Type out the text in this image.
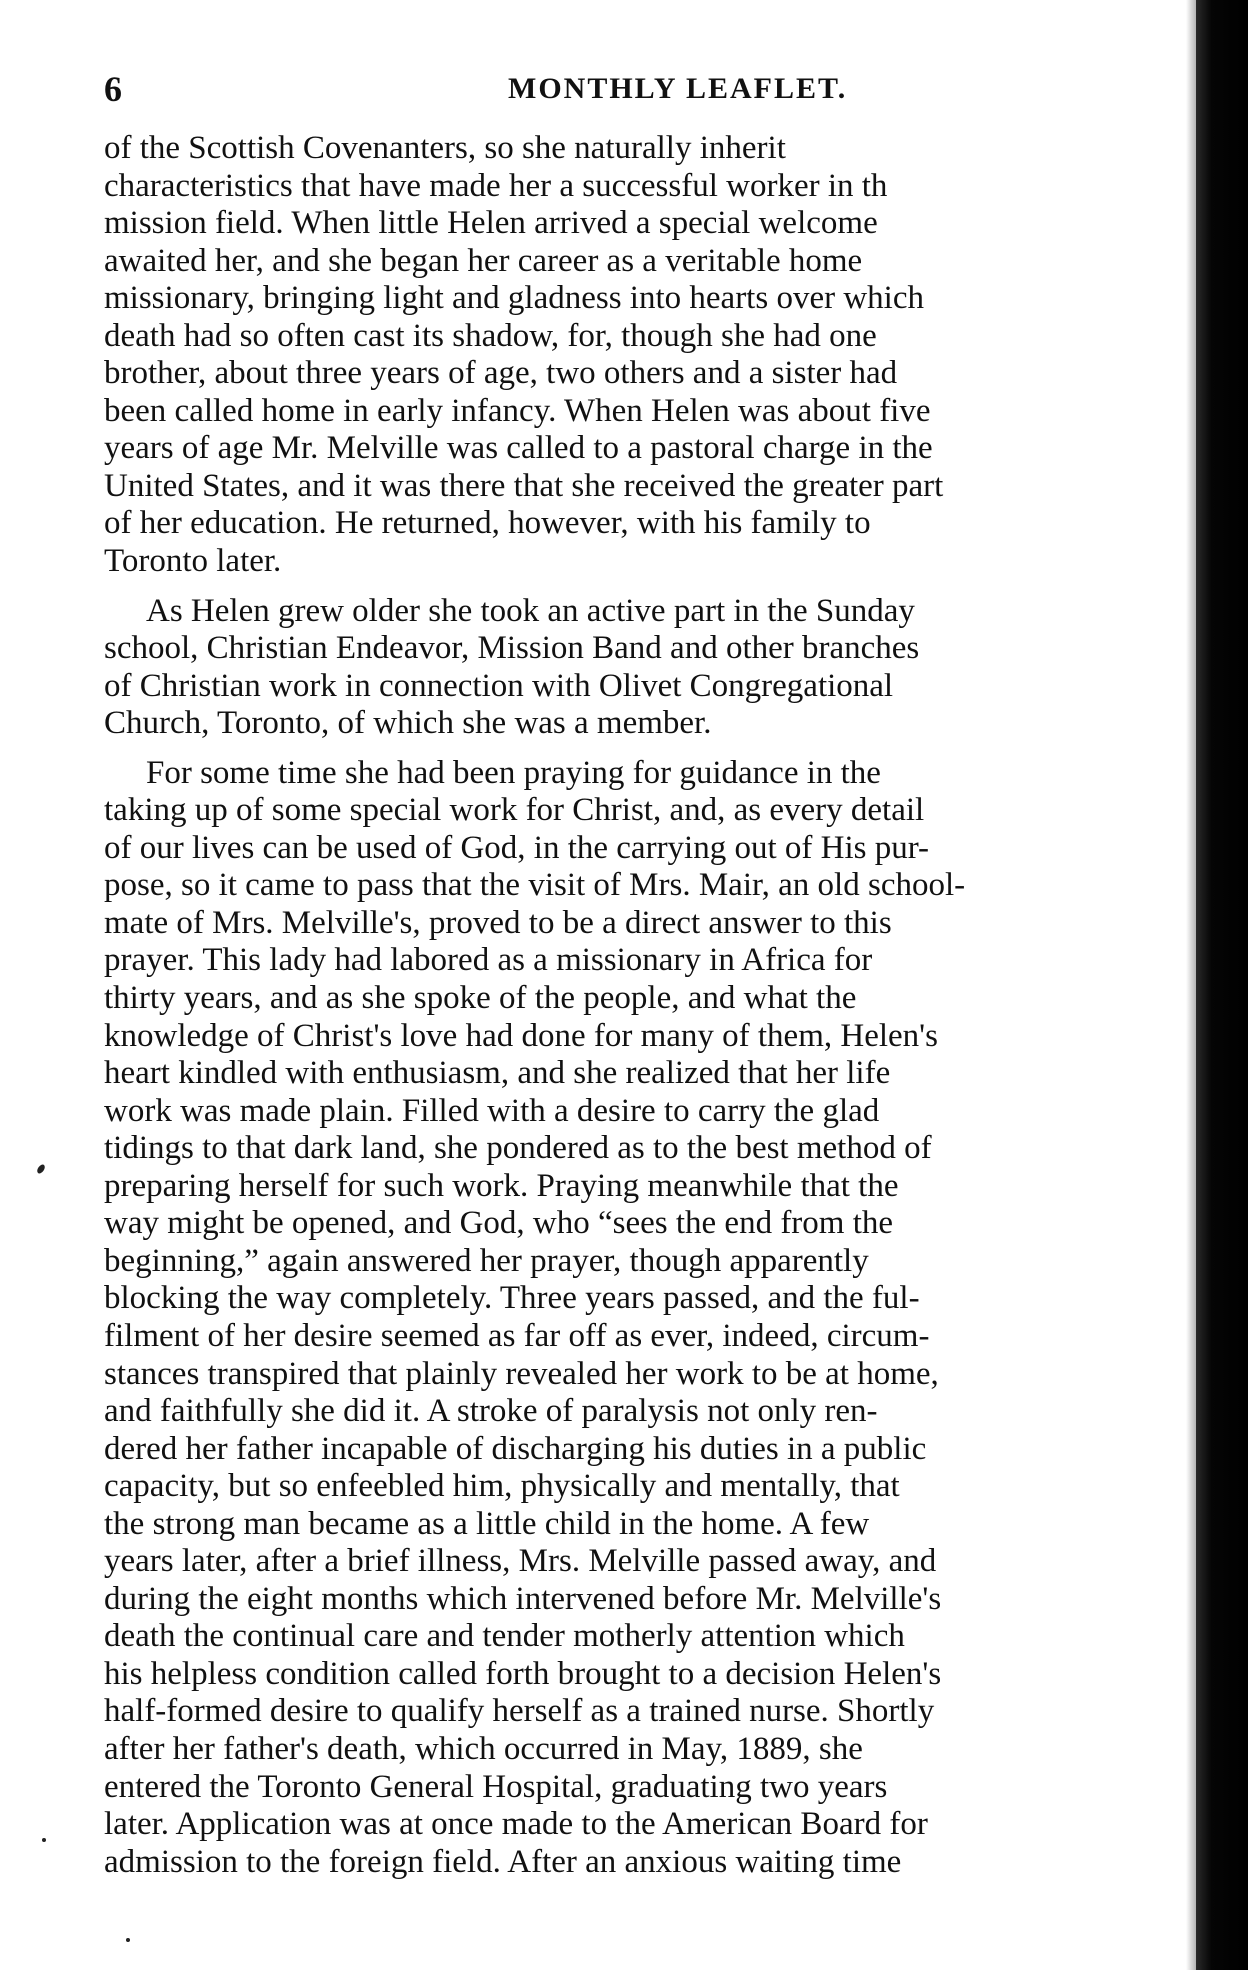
6	MONTHLY LEAFLET.
of the Scottish Covenanters, so she naturally inherit
characteristics that have made her a successful worker in th
mission field. When little Helen arrived a special welcome
awaited her, and she began her career as a veritable home
missionary, bringing light and gladness into hearts over which
death had so often cast its shadow, for, though she had one
brother, about three years of age, two others and a sister had
been called home in early infancy. When Helen was about five
years of age Mr. Melville was called to a pastoral charge in the
United States, and it was there that she received the greater part
of her education. He returned, however, with his family to
Toronto later.
As Helen grew older she took an active part in the Sunday
school, Christian Endeavor, Mission Band and other branches
of Christian work in connection with Olivet Congregational
Church, Toronto, of which she was a member.
For some time she had been praying for guidance in the
taking up of some special work for Christ, and, as every detail
of our lives can be used of God, in the carrying out of His pur-
pose, so it came to pass that the visit of Mrs. Mair, an old school-
mate of Mrs. Melville's, proved to be a direct answer to this
prayer. This lady had labored as a missionary in Africa for
thirty years, and as she spoke of the people, and what the
knowledge of Christ's love had done for many of them, Helen's
heart kindled with enthusiasm, and she realized that her life
work was made plain. Filled with a desire to carry the glad
tidings to that dark land, she pondered as to the best method of
preparing herself for such work. Praying meanwhile that the
way might be opened, and God, who “sees the end from the
beginning,” again answered her prayer, though apparently
blocking the way completely. Three years passed, and the ful-
filment of her desire seemed as far off as ever, indeed, circum-
stances transpired that plainly revealed her work to be at home,
and faithfully she did it. A stroke of paralysis not only ren-
dered her father incapable of discharging his duties in a public
capacity, but so enfeebled him, physically and mentally, that
the strong man became as a little child in the home. A few
years later, after a brief illness, Mrs. Melville passed away, and
during the eight months which intervened before Mr. Melville's
death the continual care and tender motherly attention which
his helpless condition called forth brought to a decision Helen's
half-formed desire to qualify herself as a trained nurse. Shortly
after her father's death, which occurred in May, 1889, she
entered the Toronto General Hospital, graduating two years
later. Application was at once made to the American Board for
admission to the foreign field. After an anxious waiting time
